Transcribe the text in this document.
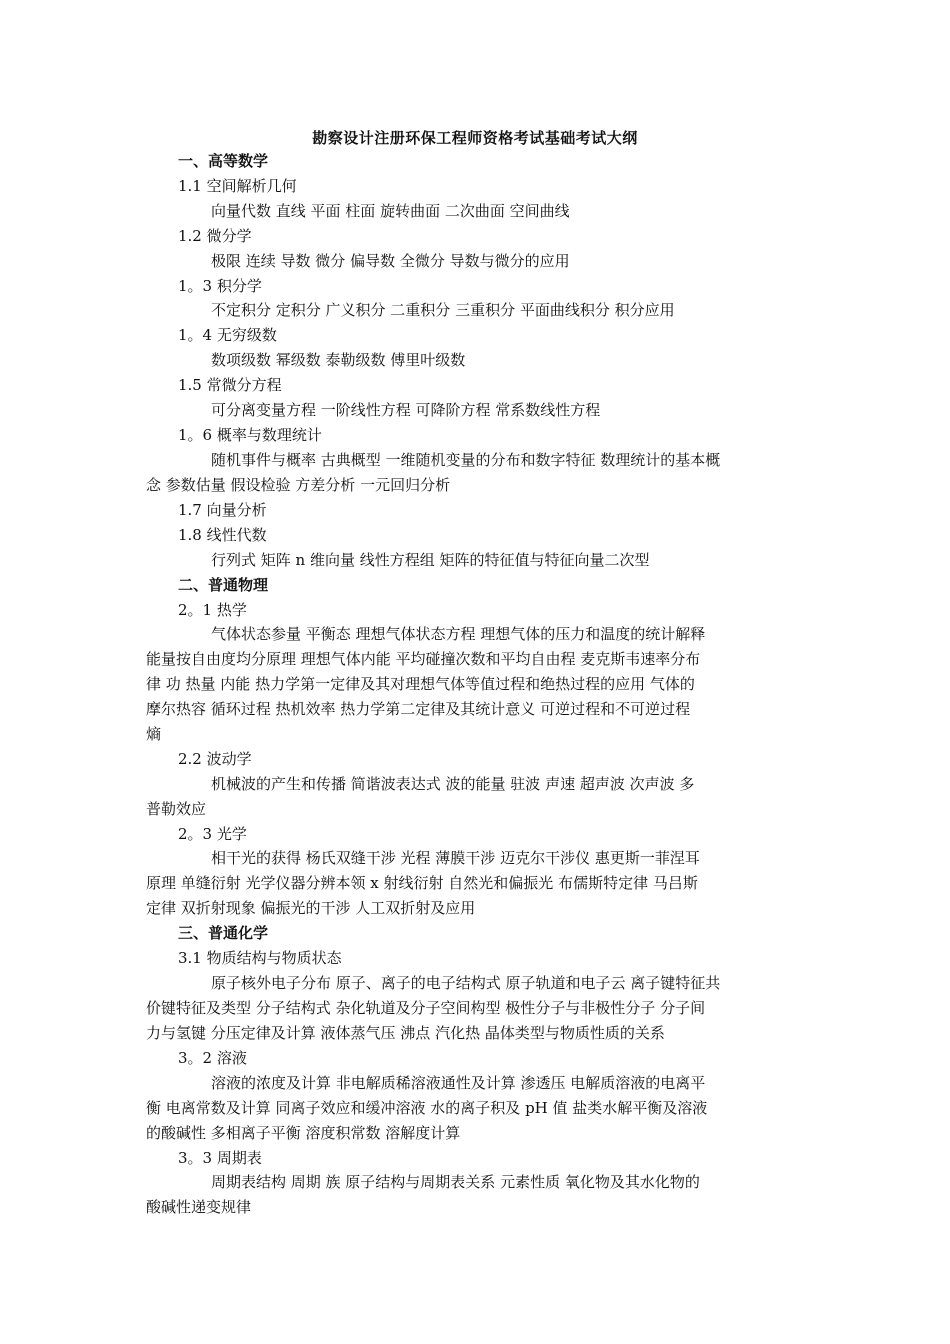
勘察设计注册环保工程师资格考试基础考试大纲
一、高等数学
1.1 空间解析几何
向量代数 直线 平面 柱面 旋转曲面 二次曲面 空间曲线
1.2 微分学
极限 连续 导数 微分 偏导数 全微分 导数与微分的应用
1。3 积分学
不定积分 定积分 广义积分 二重积分 三重积分 平面曲线积分 积分应用
1。4 无穷级数
数项级数 幂级数 泰勒级数 傅里叶级数
1.5 常微分方程
可分离变量方程 一阶线性方程 可降阶方程 常系数线性方程
1。6 概率与数理统计
随机事件与概率 古典概型 一维随机变量的分布和数字特征 数理统计的基本概
念 参数估量 假设检验 方差分析 一元回归分析
1.7 向量分析
1.8 线性代数
行列式 矩阵 n 维向量 线性方程组 矩阵的特征值与特征向量二次型
二、普通物理
2。1 热学
气体状态参量 平衡态 理想气体状态方程 理想气体的压力和温度的统计解释
能量按自由度均分原理 理想气体内能 平均碰撞次数和平均自由程 麦克斯韦速率分布
律 功 热量 内能 热力学第一定律及其对理想气体等值过程和绝热过程的应用 气体的
摩尔热容 循环过程 热机效率 热力学第二定律及其统计意义 可逆过程和不可逆过程
熵
2.2 波动学
机械波的产生和传播 简谐波表达式 波的能量 驻波 声速 超声波 次声波 多
普勒效应
2。3 光学
相干光的获得 杨氏双缝干涉 光程 薄膜干涉 迈克尔干涉仪 惠更斯一菲涅耳
原理 单缝衍射 光学仪器分辨本领 x 射线衍射 自然光和偏振光 布儒斯特定律 马吕斯
定律 双折射现象 偏振光的干涉 人工双折射及应用
三、普通化学
3.1 物质结构与物质状态
原子核外电子分布 原子、离子的电子结构式 原子轨道和电子云 离子键特征共
价键特征及类型 分子结构式 杂化轨道及分子空间构型 极性分子与非极性分子 分子间
力与氢键 分压定律及计算 液体蒸气压 沸点 汽化热 晶体类型与物质性质的关系
3。2 溶液
溶液的浓度及计算 非电解质稀溶液通性及计算 渗透压 电解质溶液的电离平
衡 电离常数及计算 同离子效应和缓冲溶液 水的离子积及 pH 值 盐类水解平衡及溶液
的酸碱性 多相离子平衡 溶度积常数 溶解度计算
3。3 周期表
周期表结构 周期 族 原子结构与周期表关系 元素性质 氧化物及其水化物的
酸碱性递变规律
